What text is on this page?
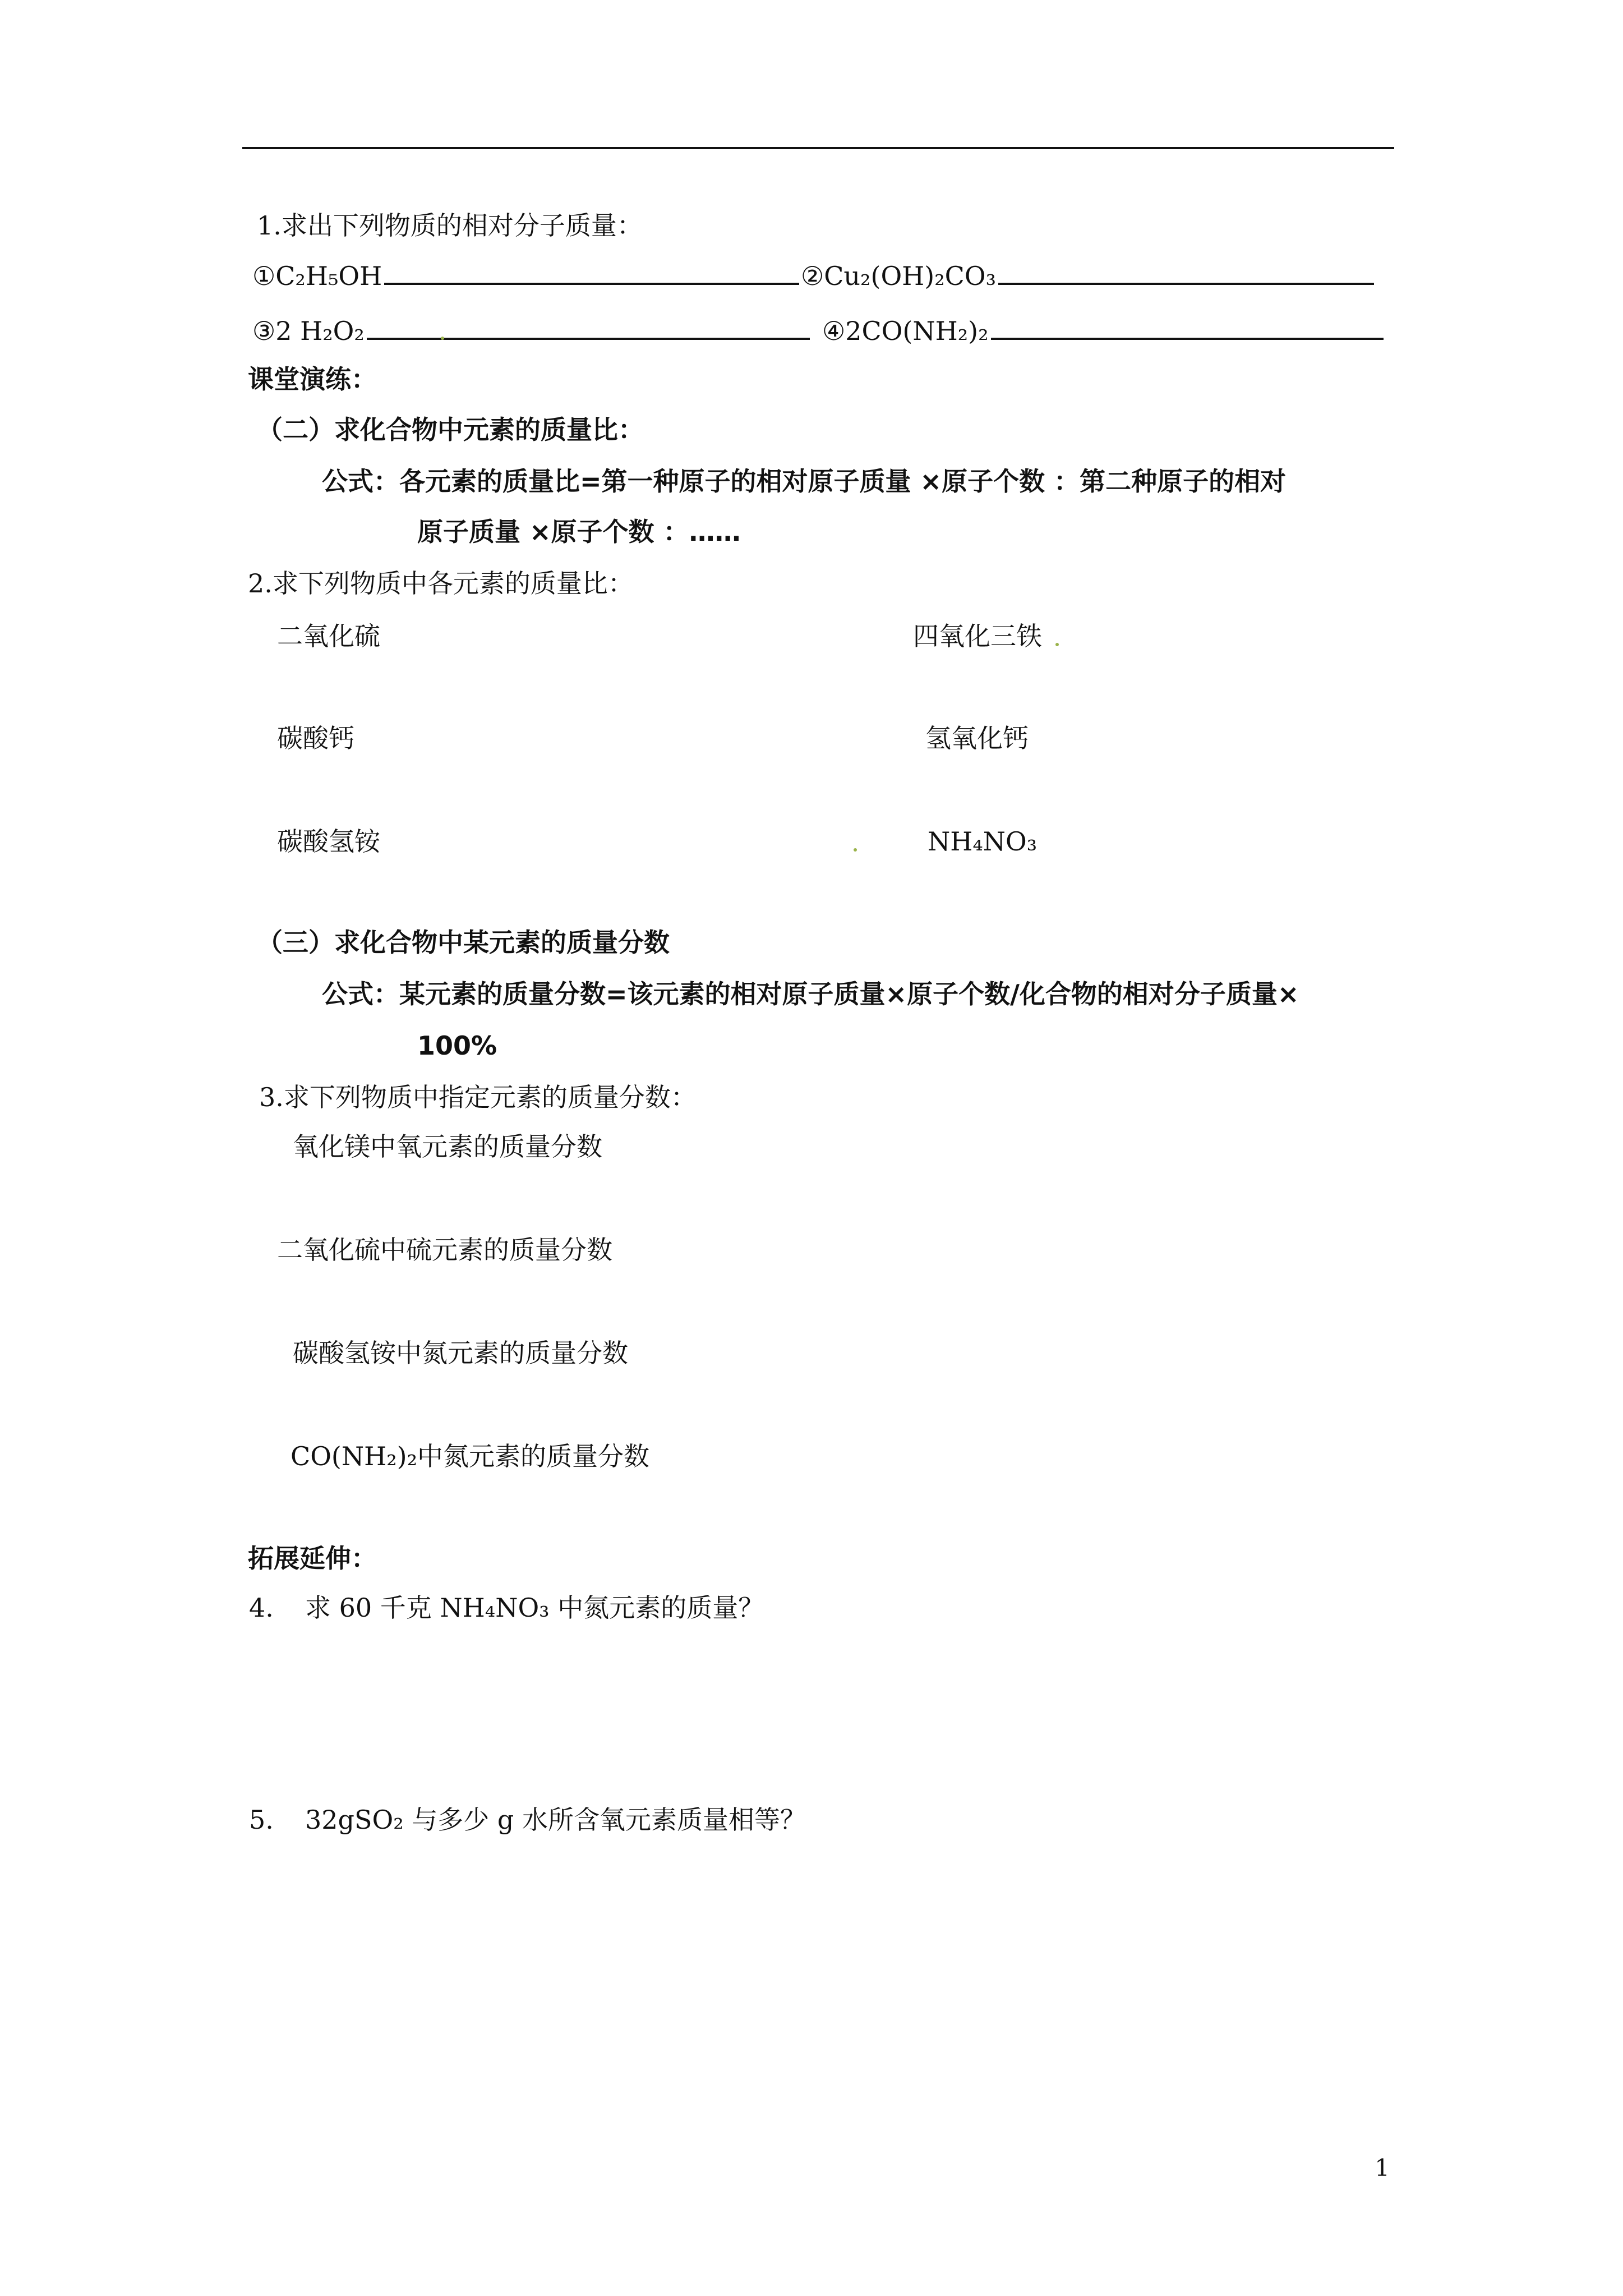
1.求出下列物质的相对分子质量：
①C₂H₅OH	②Cu₂(OH)₂CO₃
③2 H₂O₂	④2CO(NH₂)₂
课堂演练：
（二）求化合物中元素的质量比：
公式：各元素的质量比=第一种原子的相对原子质量 ×原子个数 ：第二种原子的相对
原子质量 ×原子个数 ：……
2.求下列物质中各元素的质量比：
二氧化硫	四氧化三铁
碳酸钙	氢氧化钙
碳酸氢铵	NH₄NO₃
（三）求化合物中某元素的质量分数
公式：某元素的质量分数=该元素的相对原子质量×原子个数/化合物的相对分子质量×
100%
3.求下列物质中指定元素的质量分数：
氧化镁中氧元素的质量分数
二氧化硫中硫元素的质量分数
碳酸氢铵中氮元素的质量分数
CO(NH₂)₂中氮元素的质量分数
拓展延伸：
4. 求 60 千克 NH₄NO₃ 中氮元素的质量？
5. 32gSO₂ 与多少 g 水所含氧元素质量相等？
1
